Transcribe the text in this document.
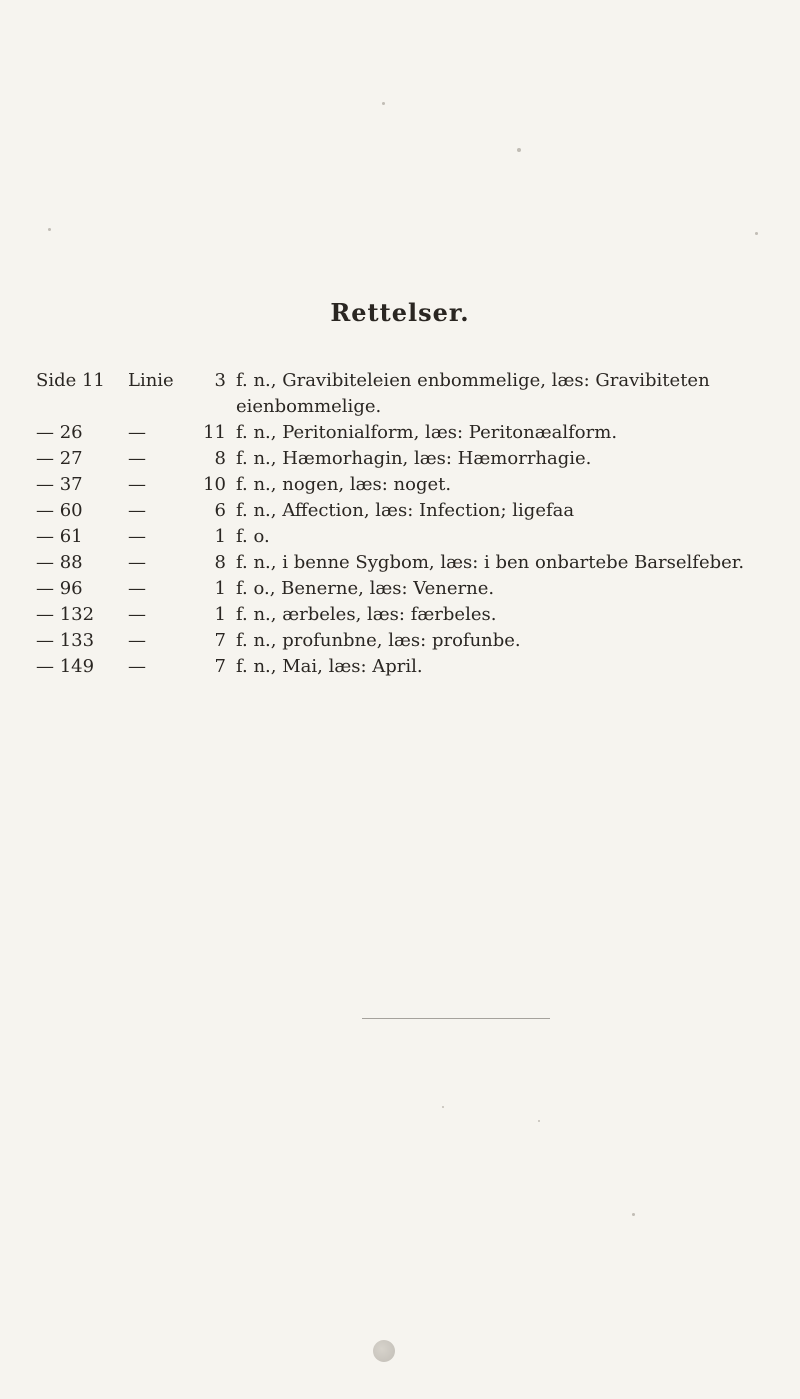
Rettelser.
Side 11	Linie	3 f. n., Gravibiteleien enbommelige, læs: Gravibiteten eienbommelige.
— 26	—	11 f. n., Peritonialform, læs: Peritonæalform.
— 27	—	8 f. n., Hæmorhagin, læs: Hæmorrhagie.
— 37	—	10 f. n., nogen, læs: noget.
— 60	—	6 f. n., Affection, læs: Infection; ligefaa
— 61	—	1 f. o.
— 88	—	8 f. n., i benne Sygbom, læs: i ben onbartebe Barselfeber.
— 96	—	1 f. o., Benerne, læs: Venerne.
— 132	—	1 f. n., ærbeles, læs: færbeles.
— 133	—	7 f. n., profunbne, læs: profunbe.
— 149	—	7 f. n., Mai, læs: April.
